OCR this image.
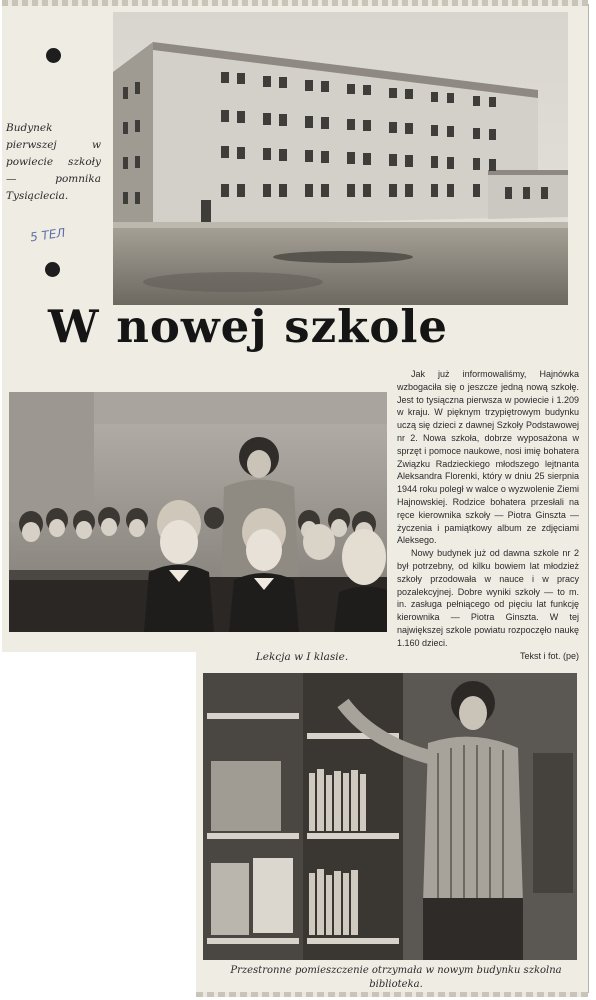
Budynek pierwszej w powiecie szkoły — pomnika Tysiąclecia.
5 ТЕЛ
W nowej szkole

Jak już informowaliśmy, Hajnówka wzbogaciła się o jeszcze jedną nową szkołę. Jest to tysiączna pierwsza w powiecie i 1.209 w kraju. W pięknym trzypiętrowym budynku uczą się dzieci z dawnej Szkoły Podstawowej nr 2. Nowa szkoła, dobrze wyposażona w sprzęt i pomoce naukowe, nosi imię bohatera Związku Radzieckiego młodszego lejtnanta Aleksandra Florenki, który w dniu 25 sierpnia 1944 roku poległ w walce o wyzwolenie Ziemi Hajnowskiej. Rodzice bohatera przesłali na ręce kierownika szkoły — Piotra Ginszta — życzenia i pamiątkowy album ze zdjęciami Aleksego.

Nowy budynek już od dawna szkole nr 2 był potrzebny, od kilku bowiem lat młodzież szkoły przodowała w nauce i w pracy pozalekcyjnej. Dobre wyniki szkoły — to m. in. zasługa pełniącego od pięciu lat funkcję kierownika — Piotra Ginszta. W tej największej szkole powiatu rozpoczęło naukę 1.160 dzieci.

Tekst i fot. (pe)

Lekcja w I klasie.
Przestronne pomieszczenie otrzymała w nowym budynku szkolna biblioteka.
